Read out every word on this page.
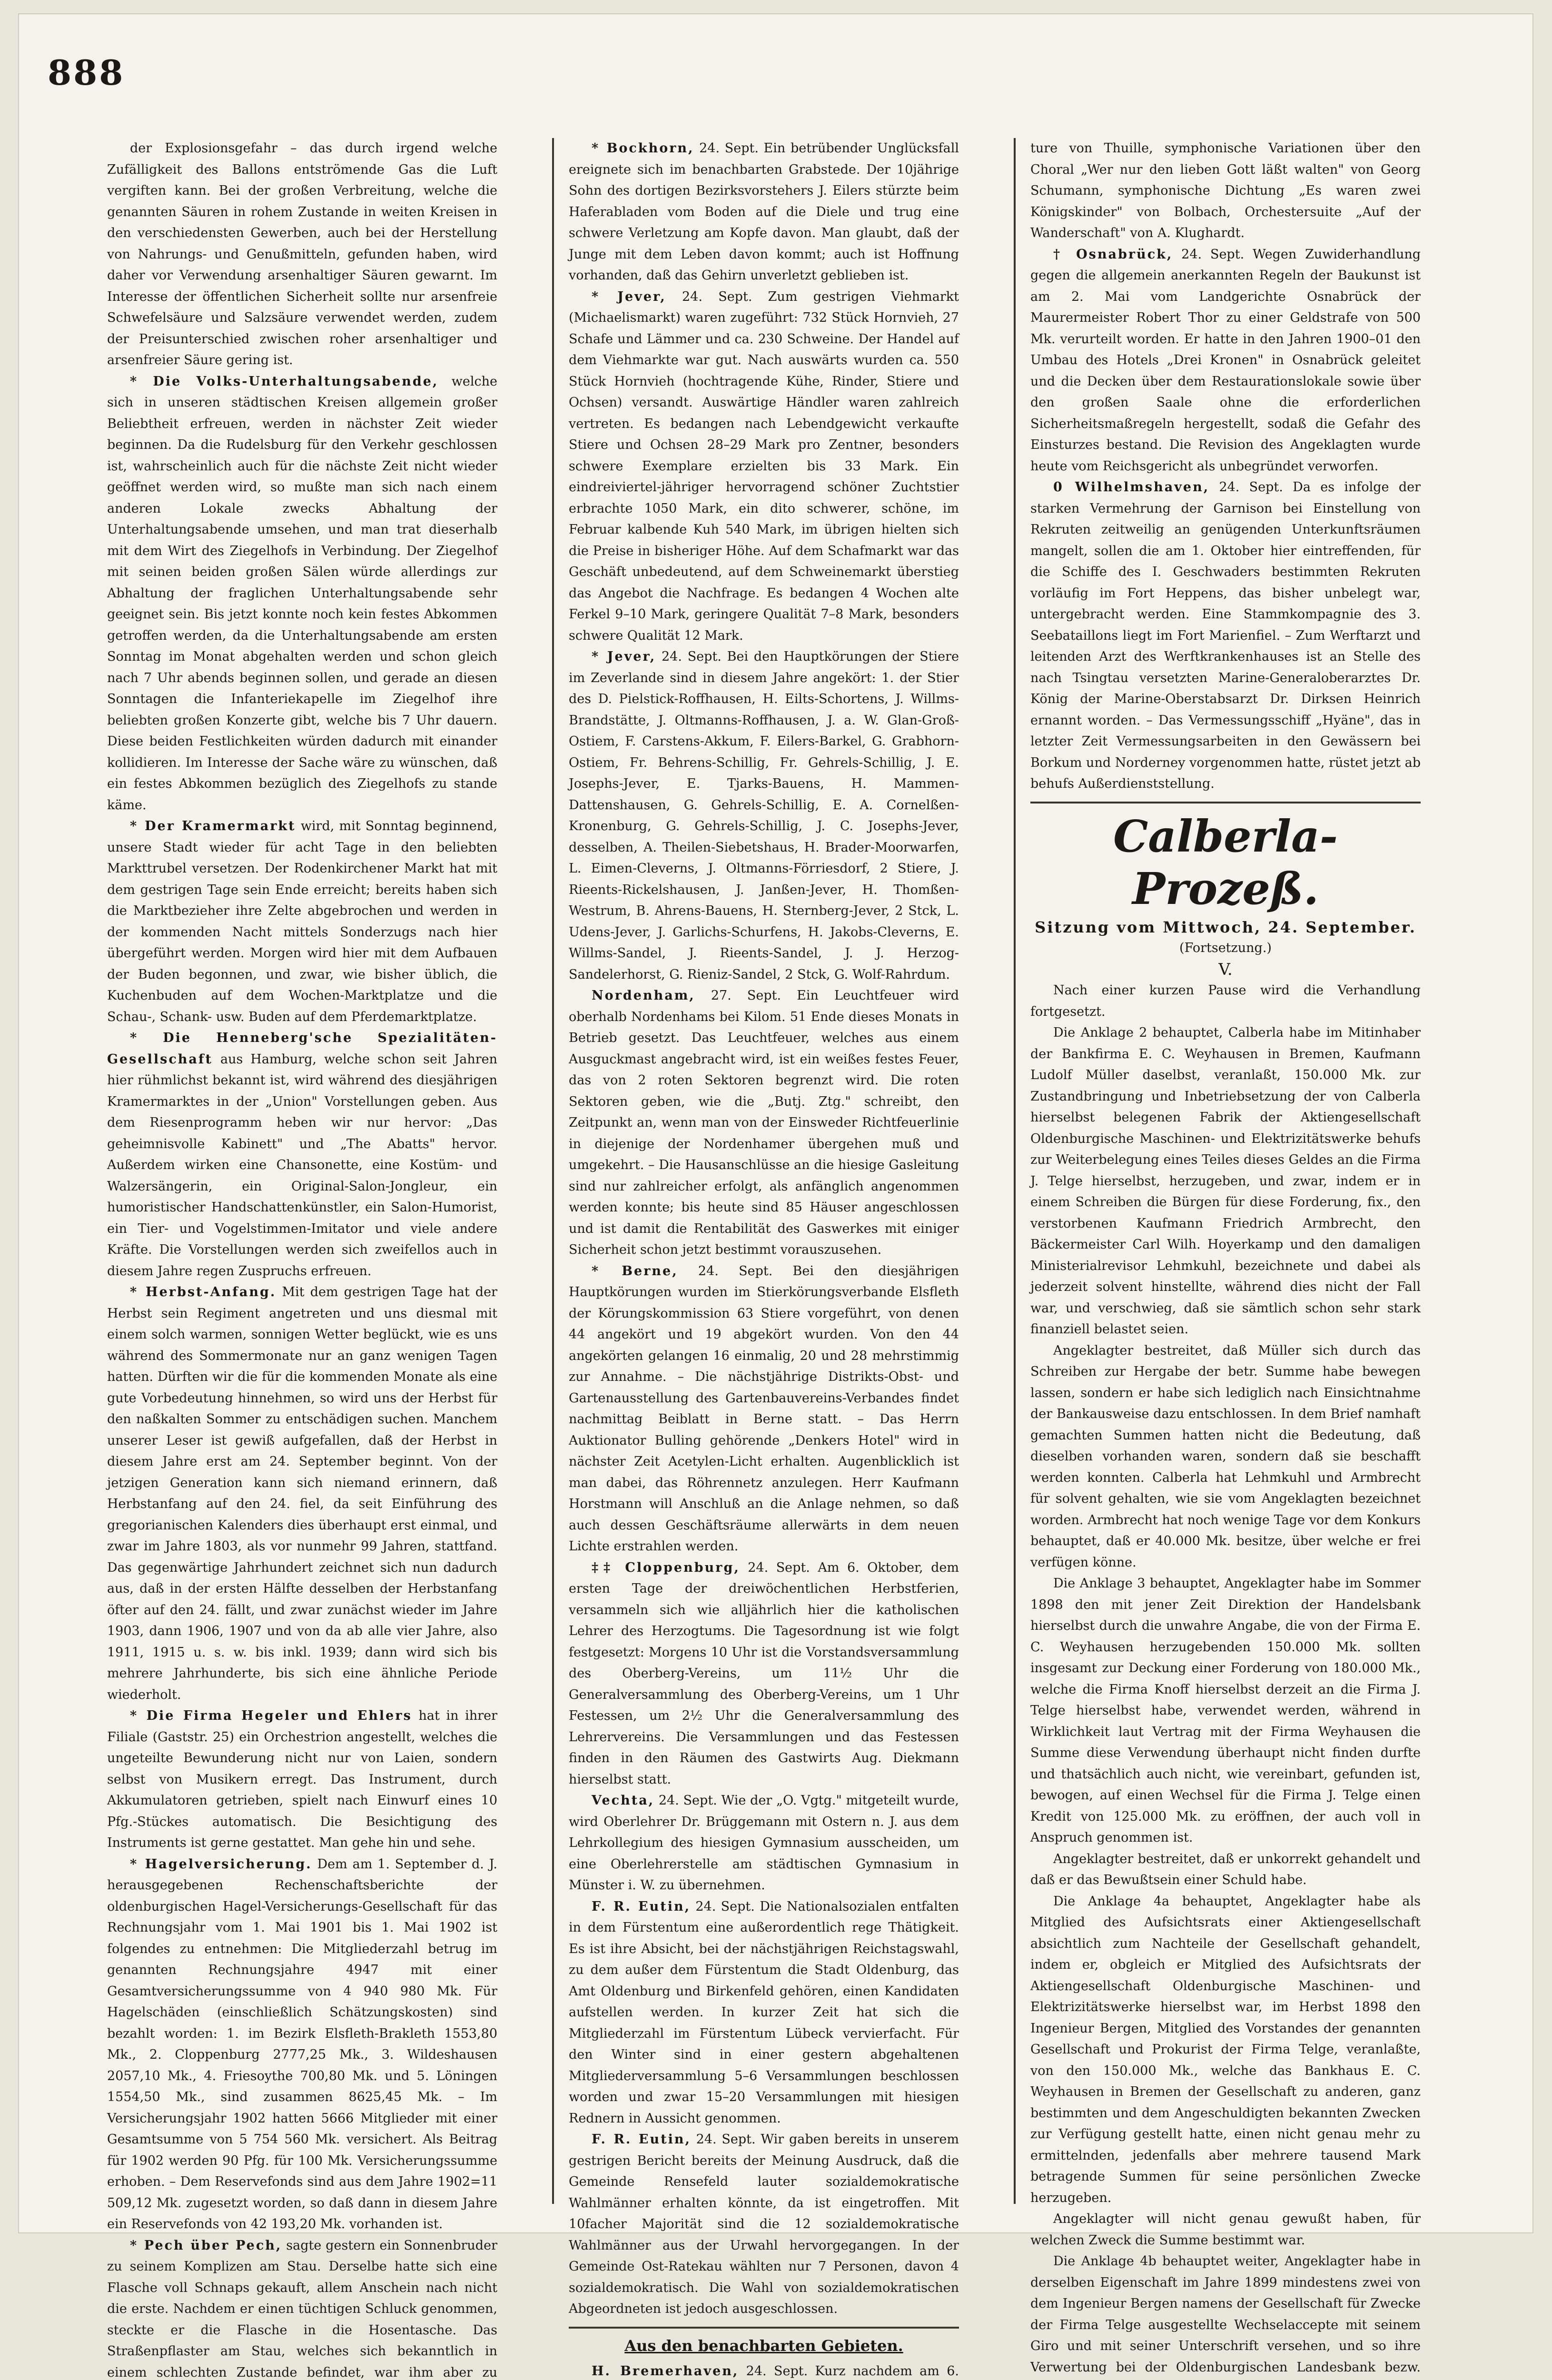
888

der Explosionsgefahr – das durch irgend welche Zufälligkeit des Ballons entströmende Gas die Luft vergiften kann. Bei der großen Verbreitung, welche die genannten Säuren in rohem Zustande in weiten Kreisen in den verschiedensten Gewerben, auch bei der Herstellung von Nahrungs- und Genußmitteln, gefunden haben, wird daher vor Verwendung arsenhaltiger Säuren gewarnt. Im Interesse der öffentlichen Sicherheit sollte nur arsenfreie Schwefelsäure und Salzsäure verwendet werden, zudem der Preisunterschied zwischen roher arsenhaltiger und arsenfreier Säure gering ist.

* Die Volks-Unterhaltungsabende, welche sich in unseren städtischen Kreisen allgemein großer Beliebtheit erfreuen, werden in nächster Zeit wieder beginnen. Da die Rudelsburg für den Verkehr geschlossen ist, wahrscheinlich auch für die nächste Zeit nicht wieder geöffnet werden wird, so mußte man sich nach einem anderen Lokale zwecks Abhaltung der Unterhaltungsabende umsehen, und man trat dieserhalb mit dem Wirt des Ziegelhofs in Verbindung. Der Ziegelhof mit seinen beiden großen Sälen würde allerdings zur Abhaltung der fraglichen Unterhaltungsabende sehr geeignet sein. Bis jetzt konnte noch kein festes Abkommen getroffen werden, da die Unterhaltungsabende am ersten Sonntag im Monat abgehalten werden und schon gleich nach 7 Uhr abends beginnen sollen, und gerade an diesen Sonntagen die Infanteriekapelle im Ziegelhof ihre beliebten großen Konzerte gibt, welche bis 7 Uhr dauern. Diese beiden Festlichkeiten würden dadurch mit einander kollidieren. Im Interesse der Sache wäre zu wünschen, daß ein festes Abkommen bezüglich des Ziegelhofs zu stande käme.

* Der Kramermarkt wird, mit Sonntag beginnend, unsere Stadt wieder für acht Tage in den beliebten Markttrubel versetzen. Der Rodenkirchener Markt hat mit dem gestrigen Tage sein Ende erreicht; bereits haben sich die Marktbezieher ihre Zelte abgebrochen und werden in der kommenden Nacht mittels Sonderzugs nach hier übergeführt werden. Morgen wird hier mit dem Aufbauen der Buden begonnen, und zwar, wie bisher üblich, die Kuchenbuden auf dem Wochen-Marktplatze und die Schau-, Schank- usw. Buden auf dem Pferdemarktplatze.

* Die Henneberg'sche Spezialitäten-Gesellschaft aus Hamburg, welche schon seit Jahren hier rühmlichst bekannt ist, wird während des diesjährigen Kramermarktes in der „Union" Vorstellungen geben. Aus dem Riesenprogramm heben wir nur hervor: „Das geheimnisvolle Kabinett" und „The Abatts" hervor. Außerdem wirken eine Chansonette, eine Kostüm- und Walzersängerin, ein Original-Salon-Jongleur, ein humoristischer Handschattenkünstler, ein Salon-Humorist, ein Tier- und Vogelstimmen-Imitator und viele andere Kräfte. Die Vorstellungen werden sich zweifellos auch in diesem Jahre regen Zuspruchs erfreuen.

* Herbst-Anfang. Mit dem gestrigen Tage hat der Herbst sein Regiment angetreten und uns diesmal mit einem solch warmen, sonnigen Wetter beglückt, wie es uns während des Sommermonate nur an ganz wenigen Tagen hatten. Dürften wir die für die kommenden Monate als eine gute Vorbedeutung hinnehmen, so wird uns der Herbst für den naßkalten Sommer zu entschädigen suchen. Manchem unserer Leser ist gewiß aufgefallen, daß der Herbst in diesem Jahre erst am 24. September beginnt. Von der jetzigen Generation kann sich niemand erinnern, daß Herbstanfang auf den 24. fiel, da seit Einführung des gregorianischen Kalenders dies überhaupt erst einmal, und zwar im Jahre 1803, als vor nunmehr 99 Jahren, stattfand. Das gegenwärtige Jahrhundert zeichnet sich nun dadurch aus, daß in der ersten Hälfte desselben der Herbstanfang öfter auf den 24. fällt, und zwar zunächst wieder im Jahre 1903, dann 1906, 1907 und von da ab alle vier Jahre, also 1911, 1915 u. s. w. bis inkl. 1939; dann wird sich bis mehrere Jahrhunderte, bis sich eine ähnliche Periode wiederholt.

* Die Firma Hegeler und Ehlers hat in ihrer Filiale (Gaststr. 25) ein Orchestrion angestellt, welches die ungeteilte Bewunderung nicht nur von Laien, sondern selbst von Musikern erregt. Das Instrument, durch Akkumulatoren getrieben, spielt nach Einwurf eines 10 Pfg.-Stückes automatisch. Die Besichtigung des Instruments ist gerne gestattet. Man gehe hin und sehe.

* Hagelversicherung. Dem am 1. September d. J. herausgegebenen Rechenschaftsberichte der oldenburgischen Hagel-Versicherungs-Gesellschaft für das Rechnungsjahr vom 1. Mai 1901 bis 1. Mai 1902 ist folgendes zu entnehmen: Die Mitgliederzahl betrug im genannten Rechnungsjahre 4947 mit einer Gesamtversicherungssumme von 4 940 980 Mk. Für Hagelschäden (einschließlich Schätzungskosten) sind bezahlt worden: 1. im Bezirk Elsfleth-Brakleth 1553,80 Mk., 2. Cloppenburg 2777,25 Mk., 3. Wildeshausen 2057,10 Mk., 4. Friesoythe 700,80 Mk. und 5. Löningen 1554,50 Mk., sind zusammen 8625,45 Mk. – Im Versicherungsjahr 1902 hatten 5666 Mitglieder mit einer Gesamtsumme von 5 754 560 Mk. versichert. Als Beitrag für 1902 werden 90 Pfg. für 100 Mk. Versicherungssumme erhoben. – Dem Reservefonds sind aus dem Jahre 1902=11 509,12 Mk. zugesetzt worden, so daß dann in diesem Jahre ein Reservefonds von 42 193,20 Mk. vorhanden ist.

* Pech über Pech, sagte gestern ein Sonnenbruder zu seinem Komplizen am Stau. Derselbe hatte sich eine Flasche voll Schnaps gekauft, allem Anschein nach nicht die erste. Nachdem er einen tüchtigen Schluck genommen, steckte er die Flasche in die Hosentasche. Das Straßenpflaster am Stau, welches sich bekanntlich in einem schlechten Zustande befindet, war ihm aber zu

* Bockhorn, 24. Sept. Ein betrübender Unglücksfall ereignete sich im benachbarten Grabstede. Der 10jährige Sohn des dortigen Bezirksvorstehers J. Eilers stürzte beim Haferabladen vom Boden auf die Diele und trug eine schwere Verletzung am Kopfe davon. Man glaubt, daß der Junge mit dem Leben davon kommt; auch ist Hoffnung vorhanden, daß das Gehirn unverletzt geblieben ist.

* Jever, 24. Sept. Zum gestrigen Viehmarkt (Michaelismarkt) waren zugeführt: 732 Stück Hornvieh, 27 Schafe und Lämmer und ca. 230 Schweine. Der Handel auf dem Viehmarkte war gut. Nach auswärts wurden ca. 550 Stück Hornvieh (hochtragende Kühe, Rinder, Stiere und Ochsen) versandt. Auswärtige Händler waren zahlreich vertreten. Es bedangen nach Lebendgewicht verkaufte Stiere und Ochsen 28–29 Mark pro Zentner, besonders schwere Exemplare erzielten bis 33 Mark. Ein eindreiviertel-jähriger hervorragend schöner Zuchtstier erbrachte 1050 Mark, ein dito schwerer, schöne, im Februar kalbende Kuh 540 Mark, im übrigen hielten sich die Preise in bisheriger Höhe. Auf dem Schafmarkt war das Geschäft unbedeutend, auf dem Schweinemarkt überstieg das Angebot die Nachfrage. Es bedangen 4 Wochen alte Ferkel 9–10 Mark, geringere Qualität 7–8 Mark, besonders schwere Qualität 12 Mark.

* Jever, 24. Sept. Bei den Hauptkörungen der Stiere im Zeverlande sind in diesem Jahre angekört: 1. der Stier des D. Pielstick-Roffhausen, H. Eilts-Schortens, J. Willms-Brandstätte, J. Oltmanns-Roffhausen, J. a. W. Glan-Groß-Ostiem, F. Carstens-Akkum, F. Eilers-Barkel, G. Grabhorn-Ostiem, Fr. Behrens-Schillig, Fr. Gehrels-Schillig, J. E. Josephs-Jever, E. Tjarks-Bauens, H. Mammen-Dattenshausen, G. Gehrels-Schillig, E. A. Cornelßen-Kronenburg, G. Gehrels-Schillig, J. C. Josephs-Jever, desselben, A. Theilen-Siebetshaus, H. Brader-Moorwarfen, L. Eimen-Cleverns, J. Oltmanns-Förriesdorf, 2 Stiere, J. Rieents-Rickelshausen, J. Janßen-Jever, H. Thomßen-Westrum, B. Ahrens-Bauens, H. Sternberg-Jever, 2 Stck, L. Udens-Jever, J. Garlichs-Schurfens, H. Jakobs-Cleverns, E. Willms-Sandel, J. Rieents-Sandel, J. J. Herzog-Sandelerhorst, G. Rieniz-Sandel, 2 Stck, G. Wolf-Rahrdum.

Nordenham, 27. Sept. Ein Leuchtfeuer wird oberhalb Nordenhams bei Kilom. 51 Ende dieses Monats in Betrieb gesetzt. Das Leuchtfeuer, welches aus einem Ausguckmast angebracht wird, ist ein weißes festes Feuer, das von 2 roten Sektoren begrenzt wird. Die roten Sektoren geben, wie die „Butj. Ztg." schreibt, den Zeitpunkt an, wenn man von der Einsweder Richtfeuerlinie in diejenige der Nordenhamer übergehen muß und umgekehrt. – Die Hausanschlüsse an die hiesige Gasleitung sind nur zahlreicher erfolgt, als anfänglich angenommen werden konnte; bis heute sind 85 Häuser angeschlossen und ist damit die Rentabilität des Gaswerkes mit einiger Sicherheit schon jetzt bestimmt vorauszusehen.

* Berne, 24. Sept. Bei den diesjährigen Hauptkörungen wurden im Stierkörungsverbande Elsfleth der Körungskommission 63 Stiere vorgeführt, von denen 44 angekört und 19 abgekört wurden. Von den 44 angekörten gelangen 16 einmalig, 20 und 28 mehrstimmig zur Annahme. – Die nächstjährige Distrikts-Obst- und Gartenausstellung des Gartenbauvereins-Verbandes findet nachmittag Beiblatt in Berne statt. – Das Herrn Auktionator Bulling gehörende „Denkers Hotel" wird in nächster Zeit Acetylen-Licht erhalten. Augenblicklich ist man dabei, das Röhrennetz anzulegen. Herr Kaufmann Horstmann will Anschluß an die Anlage nehmen, so daß auch dessen Geschäftsräume allerwärts in dem neuen Lichte erstrahlen werden.

‡‡ Cloppenburg, 24. Sept. Am 6. Oktober, dem ersten Tage der dreiwöchentlichen Herbstferien, versammeln sich wie alljährlich hier die katholischen Lehrer des Herzogtums. Die Tagesordnung ist wie folgt festgesetzt: Morgens 10 Uhr ist die Vorstandsversammlung des Oberberg-Vereins, um 11½ Uhr die Generalversammlung des Oberberg-Vereins, um 1 Uhr Festessen, um 2½ Uhr die Generalversammlung des Lehrervereins. Die Versammlungen und das Festessen finden in den Räumen des Gastwirts Aug. Diekmann hierselbst statt.

Vechta, 24. Sept. Wie der „O. Vgtg." mitgeteilt wurde, wird Oberlehrer Dr. Brüggemann mit Ostern n. J. aus dem Lehrkollegium des hiesigen Gymnasium ausscheiden, um eine Oberlehrerstelle am städtischen Gymnasium in Münster i. W. zu übernehmen.

F. R. Eutin, 24. Sept. Die Nationalsozialen entfalten in dem Fürstentum eine außerordentlich rege Thätigkeit. Es ist ihre Absicht, bei der nächstjährigen Reichstagswahl, zu dem außer dem Fürstentum die Stadt Oldenburg, das Amt Oldenburg und Birkenfeld gehören, einen Kandidaten aufstellen werden. In kurzer Zeit hat sich die Mitgliederzahl im Fürstentum Lübeck vervierfacht. Für den Winter sind in einer gestern abgehaltenen Mitgliederversammlung 5–6 Versammlungen beschlossen worden und zwar 15–20 Versammlungen mit hiesigen Rednern in Aussicht genommen.

F. R. Eutin, 24. Sept. Wir gaben bereits in unserem gestrigen Bericht bereits der Meinung Ausdruck, daß die Gemeinde Rensefeld lauter sozialdemokratische Wahlmänner erhalten könnte, da ist eingetroffen. Mit 10facher Majorität sind die 12 sozialdemokratische Wahlmänner aus der Urwahl hervorgegangen. In der Gemeinde Ost-Ratekau wählten nur 7 Personen, davon 4 sozialdemokratisch. Die Wahl von sozialdemokratischen Abgeordneten ist jedoch ausgeschlossen.

Aus den benachbarten Gebieten.

H. Bremerhaven, 24. Sept. Kurz nachdem am 6.

ture von Thuille, symphonische Variationen über den Choral „Wer nur den lieben Gott läßt walten" von Georg Schumann, symphonische Dichtung „Es waren zwei Königskinder" von Bolbach, Orchestersuite „Auf der Wanderschaft" von A. Klughardt.

† Osnabrück, 24. Sept. Wegen Zuwiderhandlung gegen die allgemein anerkannten Regeln der Baukunst ist am 2. Mai vom Landgerichte Osnabrück der Maurermeister Robert Thor zu einer Geldstrafe von 500 Mk. verurteilt worden. Er hatte in den Jahren 1900–01 den Umbau des Hotels „Drei Kronen" in Osnabrück geleitet und die Decken über dem Restaurationslokale sowie über den großen Saale ohne die erforderlichen Sicherheitsmaßregeln hergestellt, sodaß die Gefahr des Einsturzes bestand. Die Revision des Angeklagten wurde heute vom Reichsgericht als unbegründet verworfen.

0 Wilhelmshaven, 24. Sept. Da es infolge der starken Vermehrung der Garnison bei Einstellung von Rekruten zeitweilig an genügenden Unterkunftsräumen mangelt, sollen die am 1. Oktober hier eintreffenden, für die Schiffe des I. Geschwaders bestimmten Rekruten vorläufig im Fort Heppens, das bisher unbelegt war, untergebracht werden. Eine Stammkompagnie des 3. Seebataillons liegt im Fort Marienfiel. – Zum Werftarzt und leitenden Arzt des Werftkrankenhauses ist an Stelle des nach Tsingtau versetzten Marine-Generaloberarztes Dr. König der Marine-Oberstabsarzt Dr. Dirksen Heinrich ernannt worden. – Das Vermessungsschiff „Hyäne", das in letzter Zeit Vermessungsarbeiten in den Gewässern bei Borkum und Norderney vorgenommen hatte, rüstet jetzt ab behufs Außerdienststellung.

Calberla-Prozeß.

Sitzung vom Mittwoch, 24. September.

(Fortsetzung.)

V.

Nach einer kurzen Pause wird die Verhandlung fortgesetzt.

Die Anklage 2 behauptet, Calberla habe im Mitinhaber der Bankfirma E. C. Weyhausen in Bremen, Kaufmann Ludolf Müller daselbst, veranlaßt, 150.000 Mk. zur Zustandbringung und Inbetriebsetzung der von Calberla hierselbst belegenen Fabrik der Aktiengesellschaft Oldenburgische Maschinen- und Elektrizitätswerke behufs zur Weiterbelegung eines Teiles dieses Geldes an die Firma J. Telge hierselbst, herzugeben, und zwar, indem er in einem Schreiben die Bürgen für diese Forderung, fix., den verstorbenen Kaufmann Friedrich Armbrecht, den Bäckermeister Carl Wilh. Hoyerkamp und den damaligen Ministerialrevisor Lehmkuhl, bezeichnete und dabei als jederzeit solvent hinstellte, während dies nicht der Fall war, und verschwieg, daß sie sämtlich schon sehr stark finanziell belastet seien.

Angeklagter bestreitet, daß Müller sich durch das Schreiben zur Hergabe der betr. Summe habe bewegen lassen, sondern er habe sich lediglich nach Einsichtnahme der Bankausweise dazu entschlossen. In dem Brief namhaft gemachten Summen hatten nicht die Bedeutung, daß dieselben vorhanden waren, sondern daß sie beschafft werden konnten. Calberla hat Lehmkuhl und Armbrecht für solvent gehalten, wie sie vom Angeklagten bezeichnet worden. Armbrecht hat noch wenige Tage vor dem Konkurs behauptet, daß er 40.000 Mk. besitze, über welche er frei verfügen könne.

Die Anklage 3 behauptet, Angeklagter habe im Sommer 1898 den mit jener Zeit Direktion der Handelsbank hierselbst durch die unwahre Angabe, die von der Firma E. C. Weyhausen herzugebenden 150.000 Mk. sollten insgesamt zur Deckung einer Forderung von 180.000 Mk., welche die Firma Knoff hierselbst derzeit an die Firma J. Telge hierselbst habe, verwendet werden, während in Wirklichkeit laut Vertrag mit der Firma Weyhausen die Summe diese Verwendung überhaupt nicht finden durfte und thatsächlich auch nicht, wie vereinbart, gefunden ist, bewogen, auf einen Wechsel für die Firma J. Telge einen Kredit von 125.000 Mk. zu eröffnen, der auch voll in Anspruch genommen ist.

Angeklagter bestreitet, daß er unkorrekt gehandelt und daß er das Bewußtsein einer Schuld habe.

Die Anklage 4a behauptet, Angeklagter habe als Mitglied des Aufsichtsrats einer Aktiengesellschaft absichtlich zum Nachteile der Gesellschaft gehandelt, indem er, obgleich er Mitglied des Aufsichtsrats der Aktiengesellschaft Oldenburgische Maschinen- und Elektrizitätswerke hierselbst war, im Herbst 1898 den Ingenieur Bergen, Mitglied des Vorstandes der genannten Gesellschaft und Prokurist der Firma Telge, veranlaßte, von den 150.000 Mk., welche das Bankhaus E. C. Weyhausen in Bremen der Gesellschaft zu anderen, ganz bestimmten und dem Angeschuldigten bekannten Zwecken zur Verfügung gestellt hatte, einen nicht genau mehr zu ermittelnden, jedenfalls aber mehrere tausend Mark betragende Summen für seine persönlichen Zwecke herzugeben.

Angeklagter will nicht genau gewußt haben, für welchen Zweck die Summe bestimmt war.

Die Anklage 4b behauptet weiter, Angeklagter habe in derselben Eigenschaft im Jahre 1899 mindestens zwei von dem Ingenieur Bergen namens der Gesellschaft für Zwecke der Firma Telge ausgestellte Wechselaccepte mit seinem Giro und mit seiner Unterschrift versehen, und so ihre Verwertung bei der Oldenburgischen Landesbank bezw.
